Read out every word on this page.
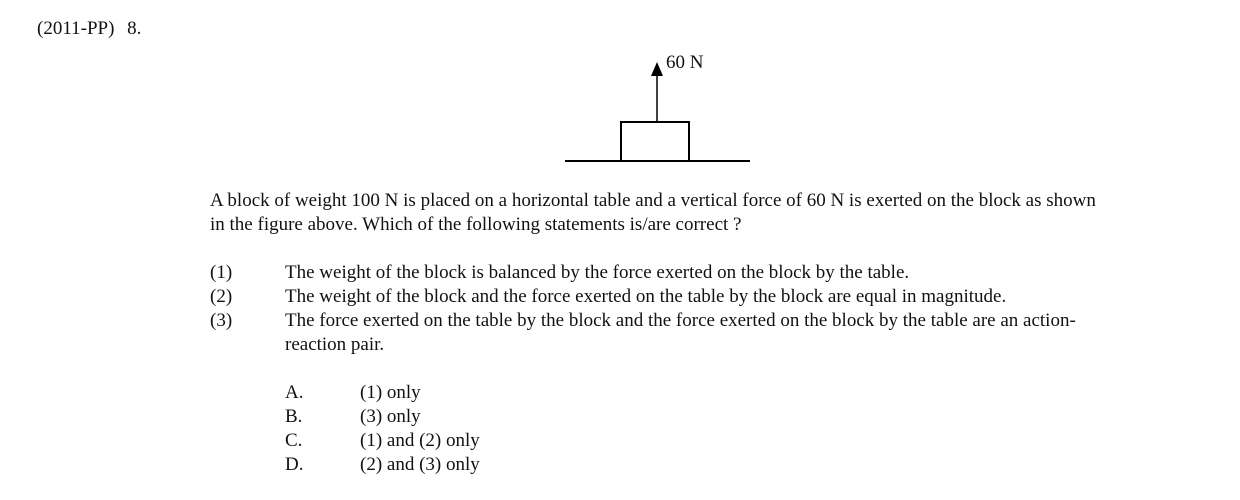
(2011-PP) 8.
60 N
A block of weight 100 N is placed on a horizontal table and a vertical force of 60 N is exerted on the block as shown in the figure above. Which of the following statements is/are correct ?
(1)	The weight of the block is balanced by the force exerted on the block by the table.
(2)	The weight of the block and the force exerted on the table by the block are equal in magnitude.
(3)	The force exerted on the table by the block and the force exerted on the block by the table are an action-reaction pair.
A.	(1) only
B.	(3) only
C.	(1) and (2) only
D.	(2) and (3) only
